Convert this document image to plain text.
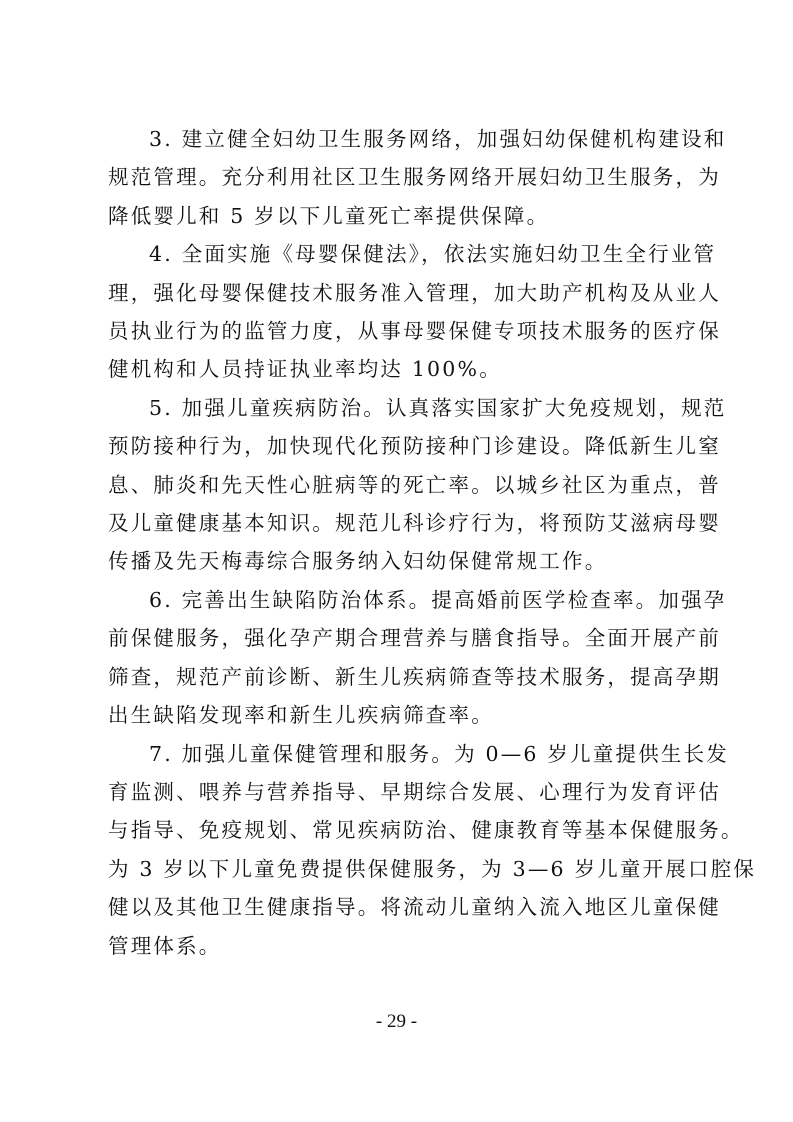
3. 建立健全妇幼卫生服务网络，加强妇幼保健机构建设和
规范管理。充分利用社区卫生服务网络开展妇幼卫生服务，为
降低婴儿和 5 岁以下儿童死亡率提供保障。
4. 全面实施《母婴保健法》，依法实施妇幼卫生全行业管
理，强化母婴保健技术服务准入管理，加大助产机构及从业人
员执业行为的监管力度，从事母婴保健专项技术服务的医疗保
健机构和人员持证执业率均达 100%。
5. 加强儿童疾病防治。认真落实国家扩大免疫规划，规范
预防接种行为，加快现代化预防接种门诊建设。降低新生儿窒
息、肺炎和先天性心脏病等的死亡率。以城乡社区为重点，普
及儿童健康基本知识。规范儿科诊疗行为，将预防艾滋病母婴
传播及先天梅毒综合服务纳入妇幼保健常规工作。
6. 完善出生缺陷防治体系。提高婚前医学检查率。加强孕
前保健服务，强化孕产期合理营养与膳食指导。全面开展产前
筛查，规范产前诊断、新生儿疾病筛查等技术服务，提高孕期
出生缺陷发现率和新生儿疾病筛查率。
7. 加强儿童保健管理和服务。为 0—6 岁儿童提供生长发
育监测、喂养与营养指导、早期综合发展、心理行为发育评估
与指导、免疫规划、常见疾病防治、健康教育等基本保健服务。
为 3 岁以下儿童免费提供保健服务，为 3—6 岁儿童开展口腔保
健以及其他卫生健康指导。将流动儿童纳入流入地区儿童保健
管理体系。
- 29 -
